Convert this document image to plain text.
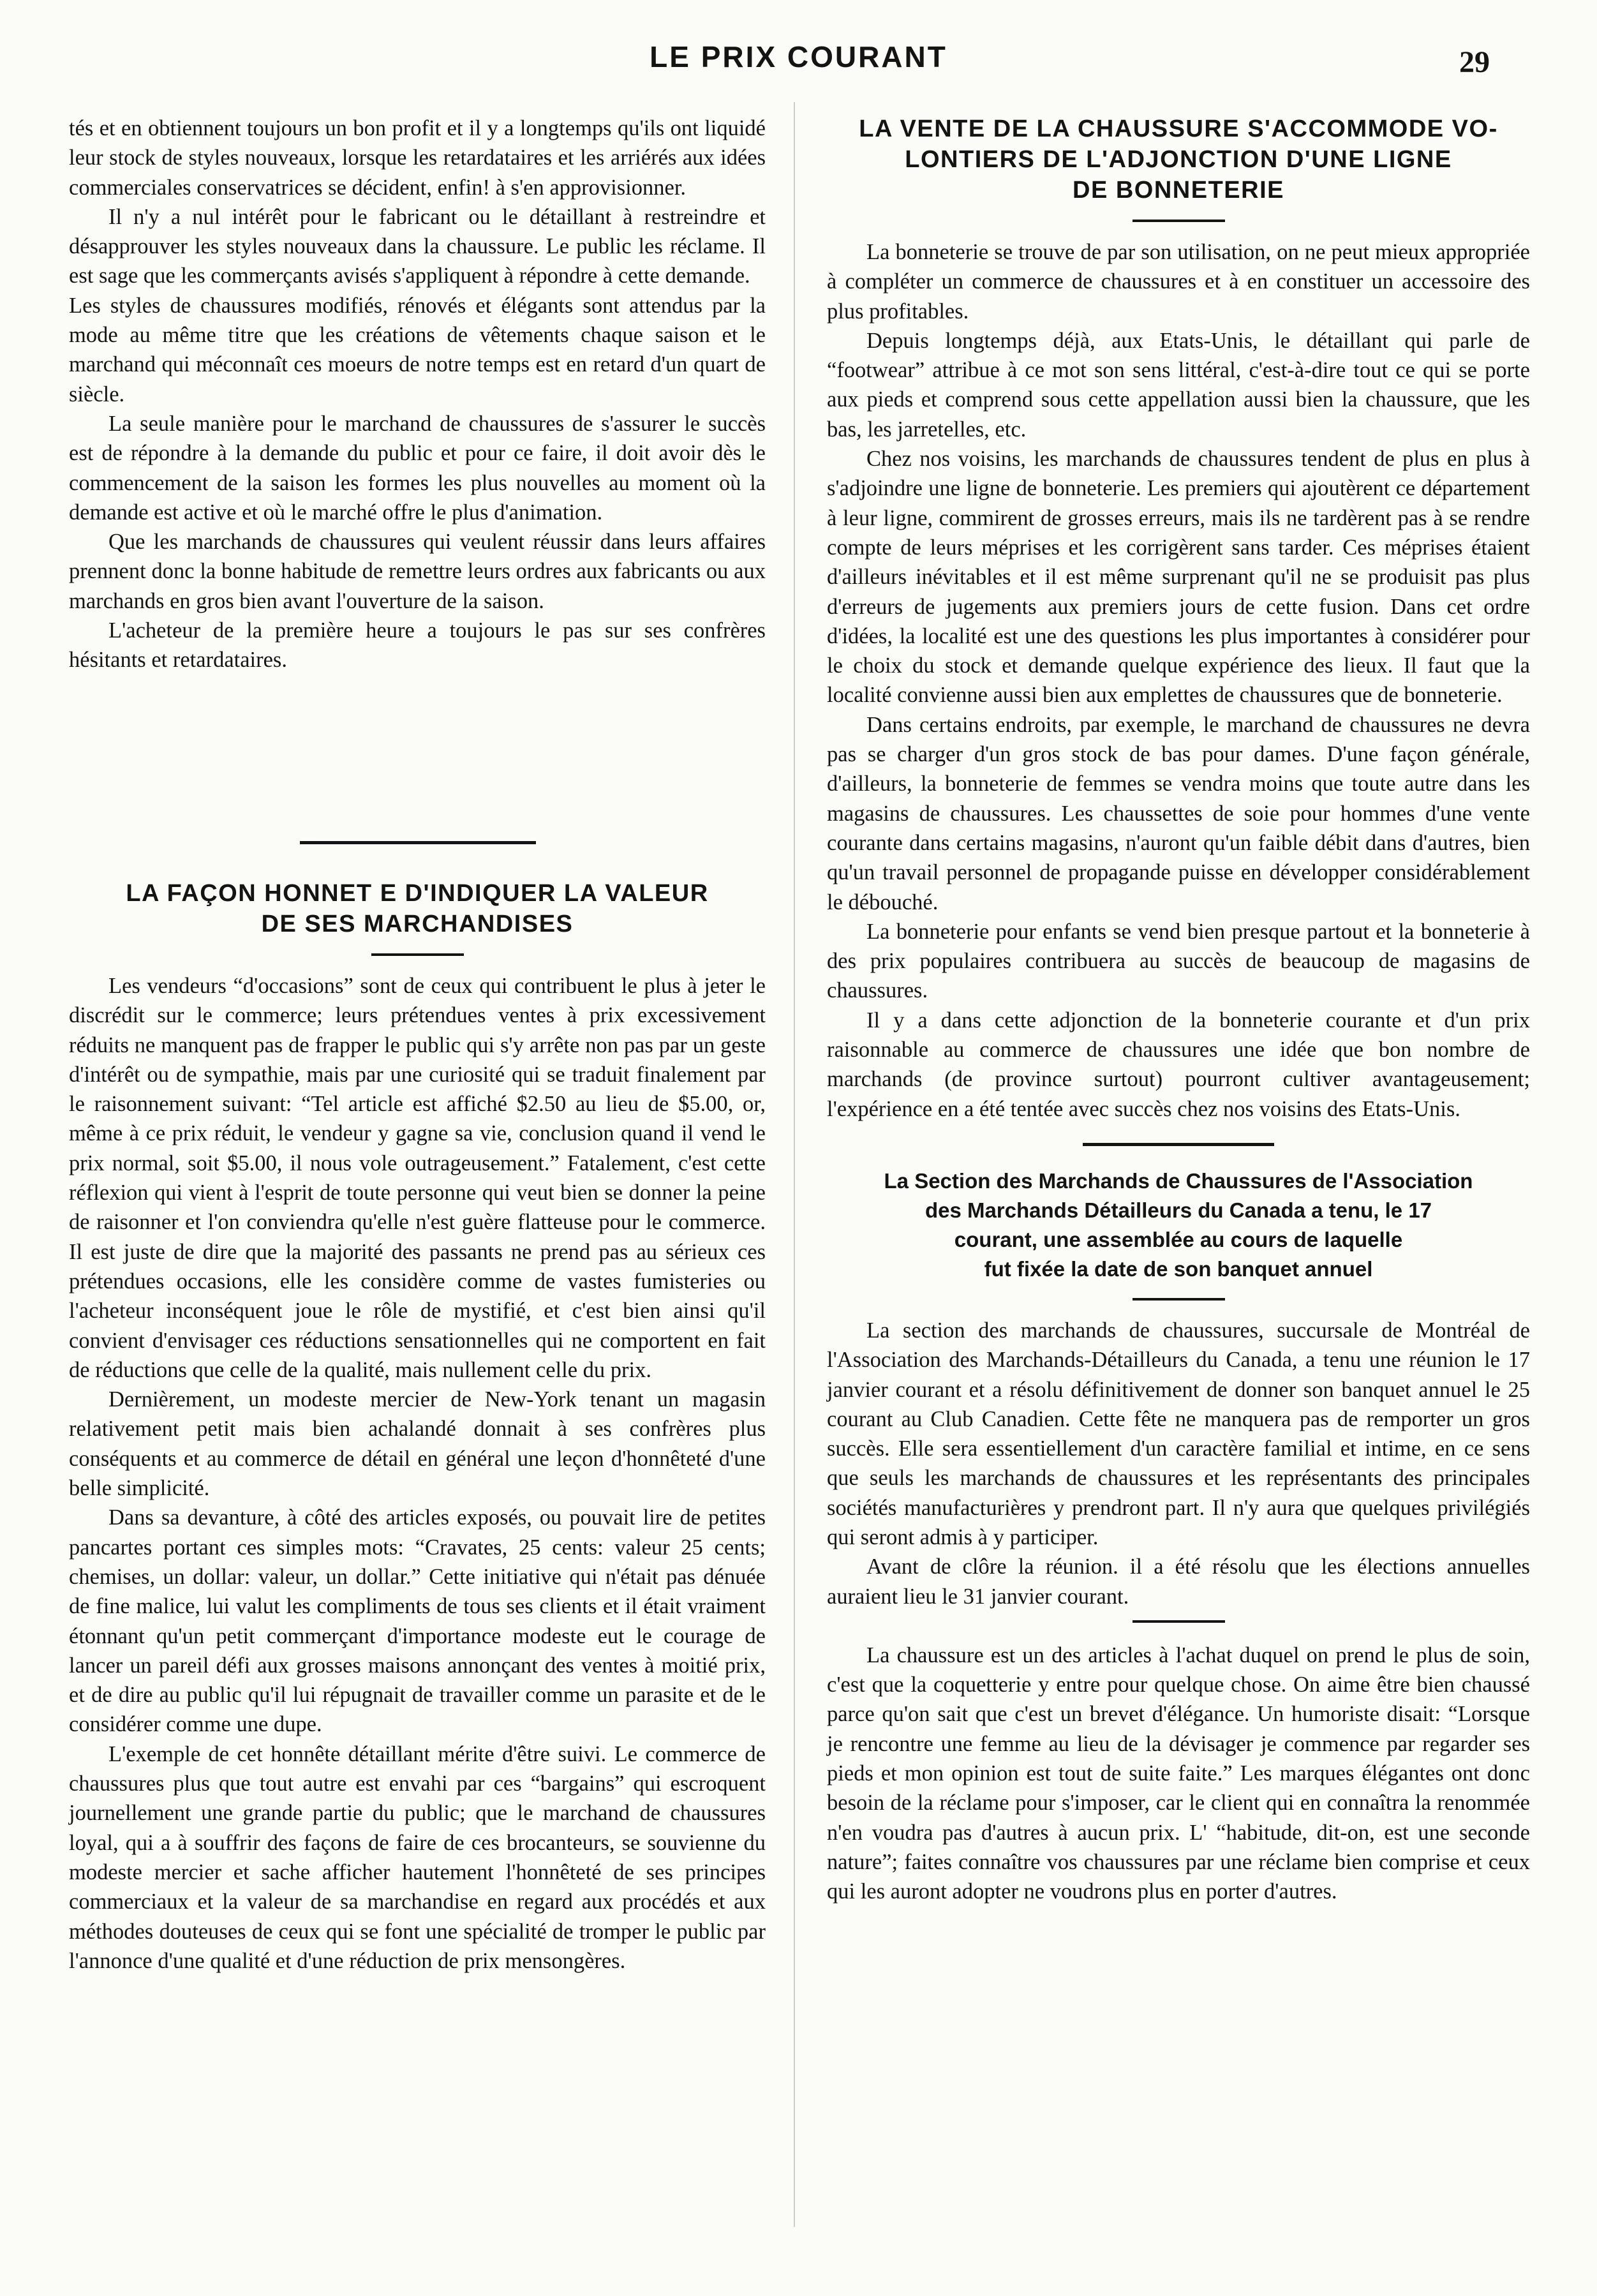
LE PRIX COURANT	29

tés et en obtiennent toujours un bon profit et il y a longtemps qu'ils ont liquidé leur stock de styles nouveaux, lorsque les retardataires et les arriérés aux idées commerciales conservatrices se décident, enfin! à s'en approvisionner.

Il n'y a nul intérêt pour le fabricant ou le détaillant à restreindre et désapprouver les styles nouveaux dans la chaussure. Le public les réclame. Il est sage que les commerçants avisés s'appliquent à répondre à cette demande.

Les styles de chaussures modifiés, rénovés et élégants sont attendus par la mode au même titre que les créations de vêtements chaque saison et le marchand qui méconnaît ces moeurs de notre temps est en retard d'un quart de siècle.

La seule manière pour le marchand de chaussures de s'assurer le succès est de répondre à la demande du public et pour ce faire, il doit avoir dès le commencement de la saison les formes les plus nouvelles au moment où la demande est active et où le marché offre le plus d'animation.

Que les marchands de chaussures qui veulent réussir dans leurs affaires prennent donc la bonne habitude de remettre leurs ordres aux fabricants ou aux marchands en gros bien avant l'ouverture de la saison.

L'acheteur de la première heure a toujours le pas sur ses confrères hésitants et retardataires.

LA FAÇON HONNET E D'INDIQUER LA VALEUR
DE SES MARCHANDISES

Les vendeurs “d'occasions” sont de ceux qui contribuent le plus à jeter le discrédit sur le commerce; leurs prétendues ventes à prix excessivement réduits ne manquent pas de frapper le public qui s'y arrête non pas par un geste d'intérêt ou de sympathie, mais par une curiosité qui se traduit finalement par le raisonnement suivant: “Tel article est affiché $2.50 au lieu de $5.00, or, même à ce prix réduit, le vendeur y gagne sa vie, conclusion quand il vend le prix normal, soit $5.00, il nous vole outrageusement.” Fatalement, c'est cette réflexion qui vient à l'esprit de toute personne qui veut bien se donner la peine de raisonner et l'on conviendra qu'elle n'est guère flatteuse pour le commerce. Il est juste de dire que la majorité des passants ne prend pas au sérieux ces prétendues occasions, elle les considère comme de vastes fumisteries ou l'acheteur inconséquent joue le rôle de mystifié, et c'est bien ainsi qu'il convient d'envisager ces réductions sensationnelles qui ne comportent en fait de réductions que celle de la qualité, mais nullement celle du prix.

Dernièrement, un modeste mercier de New-York tenant un magasin relativement petit mais bien achalandé donnait à ses confrères plus conséquents et au commerce de détail en général une leçon d'honnêteté d'une belle simplicité.

Dans sa devanture, à côté des articles exposés, ou pouvait lire de petites pancartes portant ces simples mots: “Cravates, 25 cents: valeur 25 cents; chemises, un dollar: valeur, un dollar.” Cette initiative qui n'était pas dénuée de fine malice, lui valut les compliments de tous ses clients et il était vraiment étonnant qu'un petit commerçant d'importance modeste eut le courage de lancer un pareil défi aux grosses maisons annonçant des ventes à moitié prix, et de dire au public qu'il lui répugnait de travailler comme un parasite et de le considérer comme une dupe.

L'exemple de cet honnête détaillant mérite d'être suivi. Le commerce de chaussures plus que tout autre est envahi par ces “bargains” qui escroquent journellement une grande partie du public; que le marchand de chaussures loyal, qui a à souffrir des façons de faire de ces brocanteurs, se souvienne du modeste mercier et sache afficher hautement l'honnêteté de ses principes commerciaux et la valeur de sa marchandise en regard aux procédés et aux méthodes douteuses de ceux qui se font une spécialité de tromper le public par l'annonce d'une qualité et d'une réduction de prix mensongères.

LA VENTE DE LA CHAUSSURE S'ACCOMMODE VO-
LONTIERS DE L'ADJONCTION D'UNE LIGNE
DE BONNETERIE

La bonneterie se trouve de par son utilisation, on ne peut mieux appropriée à compléter un commerce de chaussures et à en constituer un accessoire des plus profitables.

Depuis longtemps déjà, aux Etats-Unis, le détaillant qui parle de “footwear” attribue à ce mot son sens littéral, c'est-à-dire tout ce qui se porte aux pieds et comprend sous cette appellation aussi bien la chaussure, que les bas, les jarretelles, etc.

Chez nos voisins, les marchands de chaussures tendent de plus en plus à s'adjoindre une ligne de bonneterie. Les premiers qui ajoutèrent ce département à leur ligne, commirent de grosses erreurs, mais ils ne tardèrent pas à se rendre compte de leurs méprises et les corrigèrent sans tarder. Ces méprises étaient d'ailleurs inévitables et il est même surprenant qu'il ne se produisit pas plus d'erreurs de jugements aux premiers jours de cette fusion. Dans cet ordre d'idées, la localité est une des questions les plus importantes à considérer pour le choix du stock et demande quelque expérience des lieux. Il faut que la localité convienne aussi bien aux emplettes de chaussures que de bonneterie.

Dans certains endroits, par exemple, le marchand de chaussures ne devra pas se charger d'un gros stock de bas pour dames. D'une façon générale, d'ailleurs, la bonneterie de femmes se vendra moins que toute autre dans les magasins de chaussures. Les chaussettes de soie pour hommes d'une vente courante dans certains magasins, n'auront qu'un faible débit dans d'autres, bien qu'un travail personnel de propagande puisse en développer considérablement le débouché.

La bonneterie pour enfants se vend bien presque partout et la bonneterie à des prix populaires contribuera au succès de beaucoup de magasins de chaussures.

Il y a dans cette adjonction de la bonneterie courante et d'un prix raisonnable au commerce de chaussures une idée que bon nombre de marchands (de province surtout) pourront cultiver avantageusement; l'expérience en a été tentée avec succès chez nos voisins des Etats-Unis.

La Section des Marchands de Chaussures de l'Association
des Marchands Détailleurs du Canada a tenu, le 17
courant, une assemblée au cours de laquelle
fut fixée la date de son banquet annuel

La section des marchands de chaussures, succursale de Montréal de l'Association des Marchands-Détailleurs du Canada, a tenu une réunion le 17 janvier courant et a résolu définitivement de donner son banquet annuel le 25 courant au Club Canadien. Cette fête ne manquera pas de remporter un gros succès. Elle sera essentiellement d'un caractère familial et intime, en ce sens que seuls les marchands de chaussures et les représentants des principales sociétés manufacturières y prendront part. Il n'y aura que quelques privilégiés qui seront admis à y participer.

Avant de clôre la réunion. il a été résolu que les élections annuelles auraient lieu le 31 janvier courant.

La chaussure est un des articles à l'achat duquel on prend le plus de soin, c'est que la coquetterie y entre pour quelque chose. On aime être bien chaussé parce qu'on sait que c'est un brevet d'élégance. Un humoriste disait: “Lorsque je rencontre une femme au lieu de la dévisager je commence par regarder ses pieds et mon opinion est tout de suite faite.” Les marques élégantes ont donc besoin de la réclame pour s'imposer, car le client qui en connaîtra la renommée n'en voudra pas d'autres à aucun prix. L' “habitude, dit-on, est une seconde nature”; faites connaître vos chaussures par une réclame bien comprise et ceux qui les auront adopter ne voudrons plus en porter d'autres.
